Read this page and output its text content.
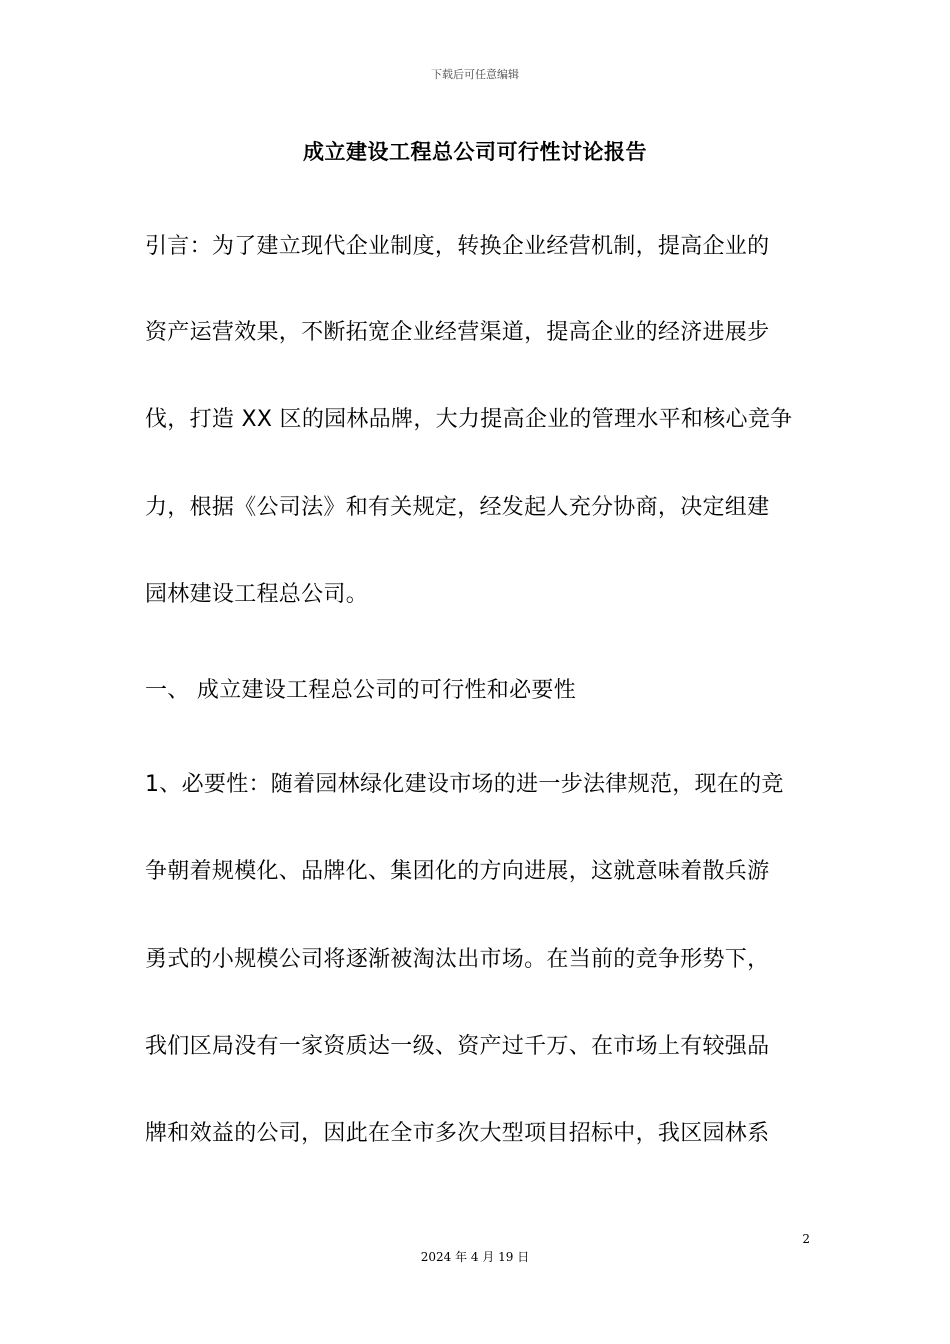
下载后可任意编辑
成立建设工程总公司可行性讨论报告
引言：为了建立现代企业制度，转换企业经营机制，提高企业的
资产运营效果，不断拓宽企业经营渠道，提高企业的经济进展步
伐，打造 XX 区的园林品牌，大力提高企业的管理水平和核心竞争
力，根据《公司法》和有关规定，经发起人充分协商，决定组建
园林建设工程总公司。
一、 成立建设工程总公司的可行性和必要性
1、必要性：随着园林绿化建设市场的进一步法律规范，现在的竞
争朝着规模化、品牌化、集团化的方向进展，这就意味着散兵游
勇式的小规模公司将逐渐被淘汰出市场。在当前的竞争形势下，
我们区局没有一家资质达一级、资产过千万、在市场上有较强品
牌和效益的公司，因此在全市多次大型项目招标中，我区园林系
2
2024 年 4 月 19 日
